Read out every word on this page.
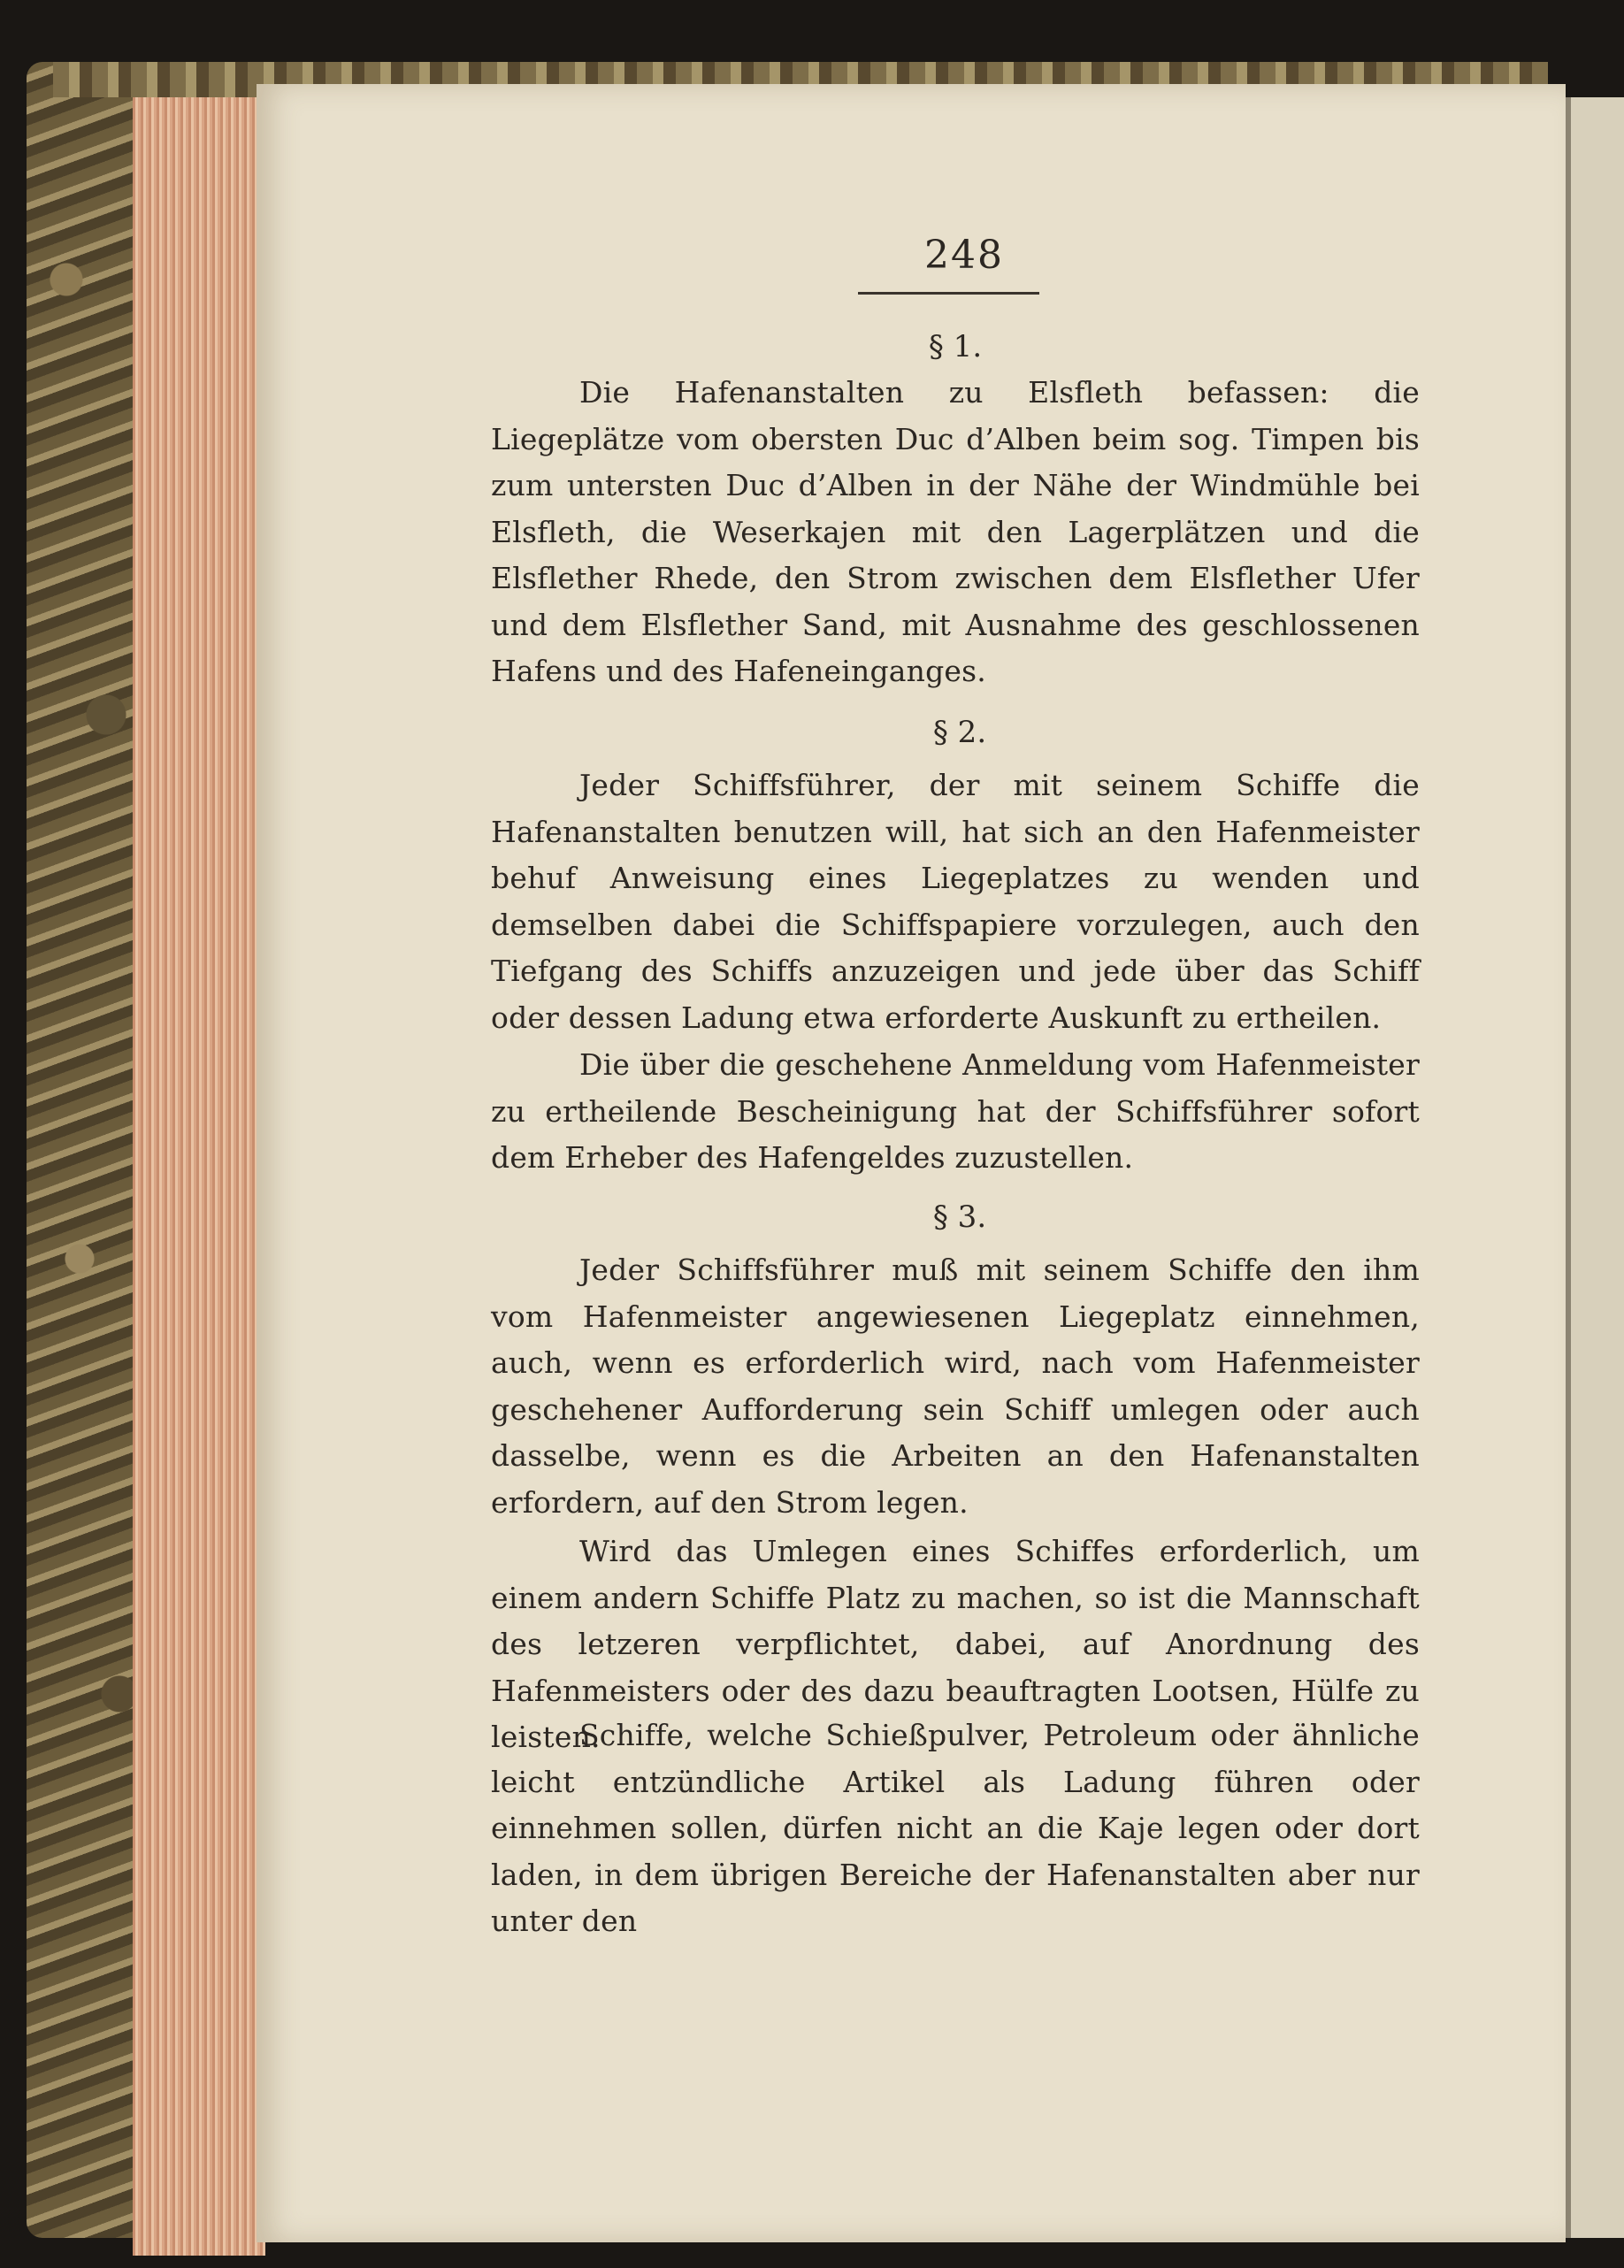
248
§ 1.

Die Hafenanstalten zu Elsfleth befassen: die Liegeplätze vom obersten Duc d’Alben beim sog. Timpen bis zum untersten Duc d’Alben in der Nähe der Windmühle bei Elsfleth, die Weserkajen mit den Lagerplätzen und die Elsflether Rhede, den Strom zwischen dem Elsflether Ufer und dem Elsflether Sand, mit Ausnahme des geschlossenen Hafens und des Hafeneinganges.

§ 2.

Jeder Schiffsführer, der mit seinem Schiffe die Hafenanstalten benutzen will, hat sich an den Hafenmeister behuf Anweisung eines Liegeplatzes zu wenden und demselben dabei die Schiffspapiere vorzulegen, auch den Tiefgang des Schiffs anzuzeigen und jede über das Schiff oder dessen Ladung etwa erforderte Auskunft zu ertheilen.

Die über die geschehene Anmeldung vom Hafenmeister zu ertheilende Bescheinigung hat der Schiffsführer sofort dem Erheber des Hafengeldes zuzustellen.

§ 3.

Jeder Schiffsführer muß mit seinem Schiffe den ihm vom Hafenmeister angewiesenen Liegeplatz einnehmen, auch, wenn es erforderlich wird, nach vom Hafenmeister geschehener Aufforderung sein Schiff umlegen oder auch dasselbe, wenn es die Arbeiten an den Hafenanstalten erfordern, auf den Strom legen.

Wird das Umlegen eines Schiffes erforderlich, um einem andern Schiffe Platz zu machen, so ist die Mannschaft des letzeren verpflichtet, dabei, auf Anordnung des Hafenmeisters oder des dazu beauftragten Lootsen, Hülfe zu leisten.

Schiffe, welche Schießpulver, Petroleum oder ähnliche leicht entzündliche Artikel als Ladung führen oder einnehmen sollen, dürfen nicht an die Kaje legen oder dort laden, in dem übrigen Bereiche der Hafenanstalten aber nur unter den
